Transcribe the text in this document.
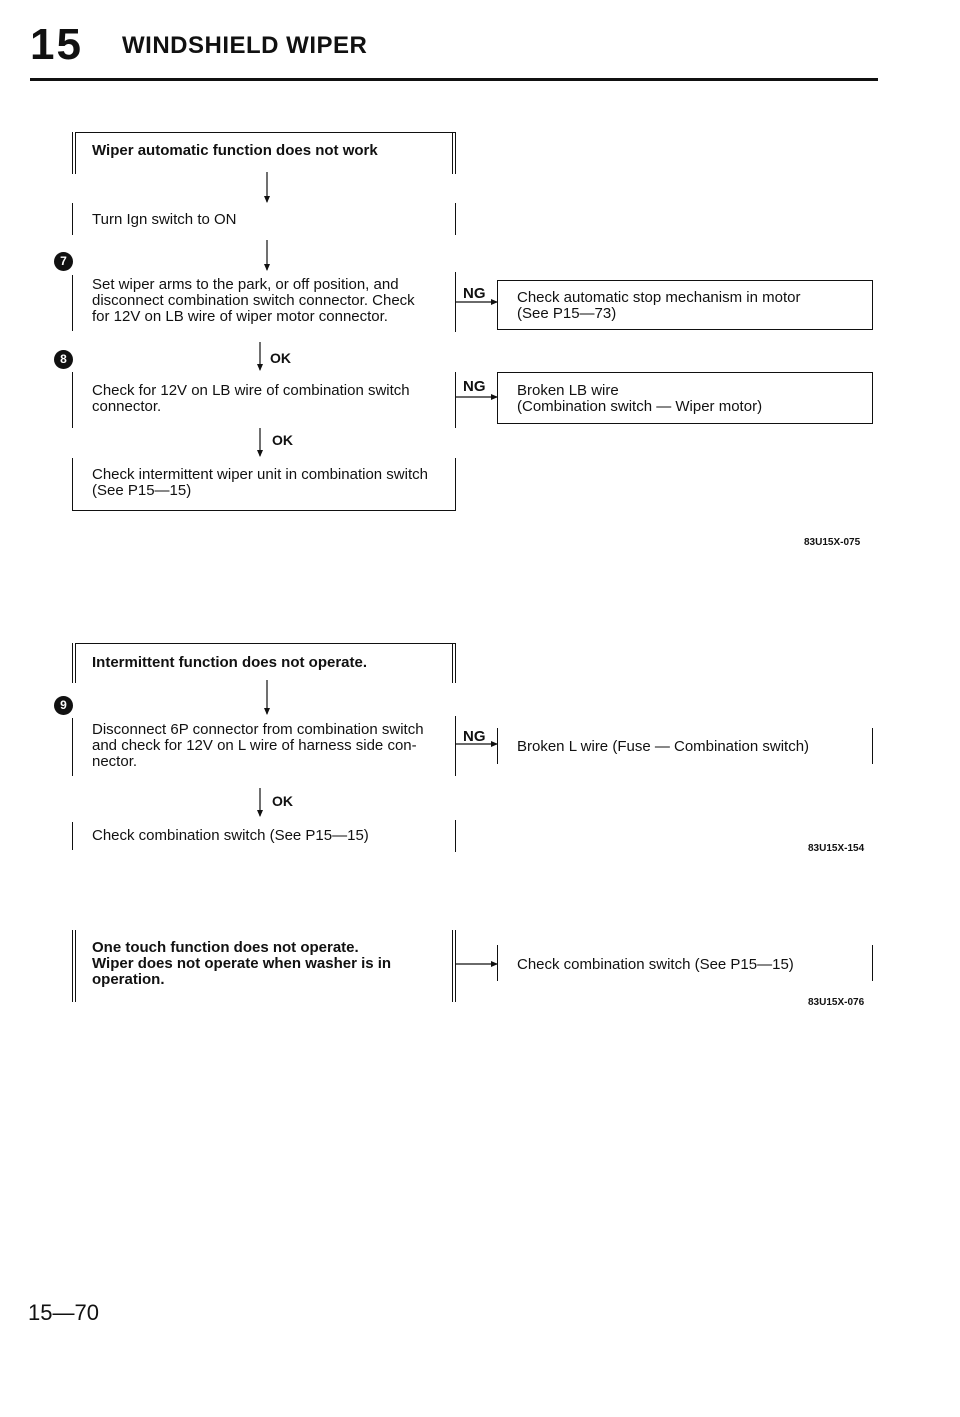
15 WINDSHIELD WIPER
Wiper automatic function does not work
Turn Ign switch to ON
7
Set wiper arms to the park, or off position, and
disconnect combination switch connector. Check
for 12V on LB wire of wiper motor connector.
NG Check automatic stop mechanism in motor
(See P15—73)
OK
8
Check for 12V on LB wire of combination switch
connector.
NG Broken LB wire
(Combination switch — Wiper motor)
OK
Check intermittent wiper unit in combination switch
(See P15—15)
83U15X-075
Intermittent function does not operate.
9
Disconnect 6P connector from combination switch
and check for 12V on L wire of harness side con-
nector.
NG
Broken L wire (Fuse — Combination switch)
OK
Check combination switch (See P15—15)
83U15X-154
One touch function does not operate.
Wiper does not operate when washer is in
operation.
Check combination switch (See P15—15)
83U15X-076
15—70
